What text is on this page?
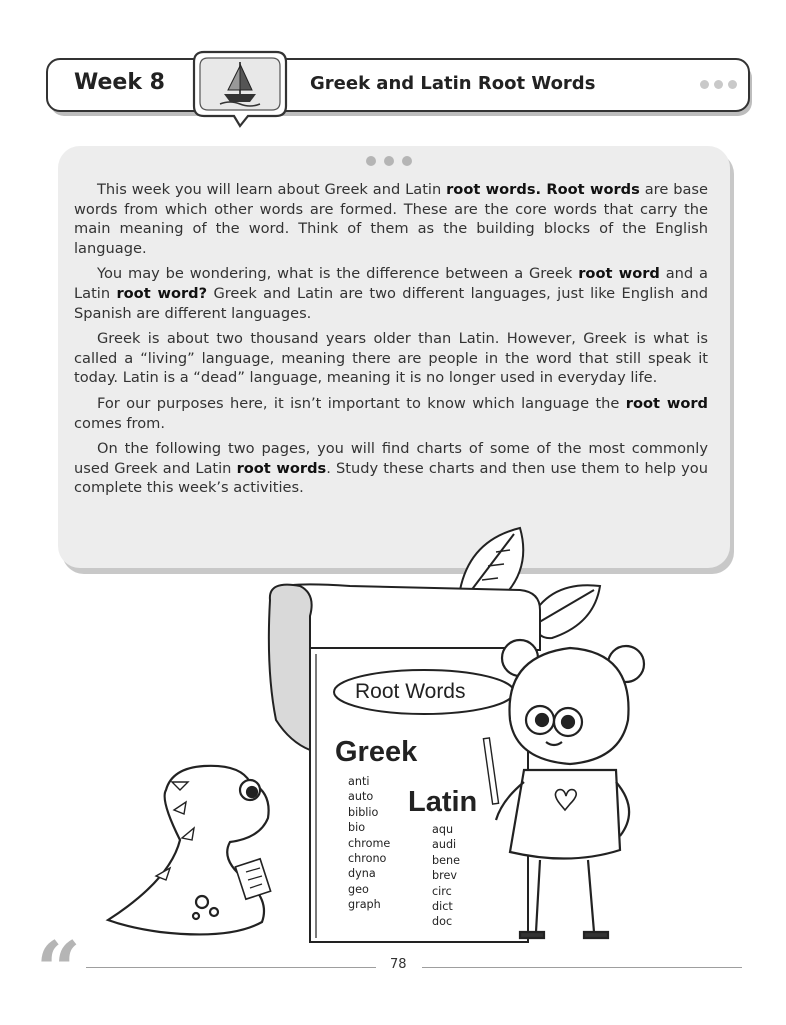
Week 8	Greek and Latin Root Words

This week you will learn about Greek and Latin root words. Root words are base words from which other words are formed. These are the core words that carry the main meaning of the word. Think of them as the building blocks of the English language.

You may be wondering, what is the difference between a Greek root word and a Latin root word? Greek and Latin are two different languages, just like English and Spanish are different languages.

Greek is about two thousand years older than Latin. However, Greek is what is called a “living” language, meaning there are people in the word that still speak it today. Latin is a “dead” language, meaning it is no longer used in everyday life.

For our purposes here, it isn’t important to know which language the root word comes from.

On the following two pages, you will find charts of some of the most commonly used Greek and Latin root words. Study these charts and then use them to help you complete this week’s activities.

Root Words
Greek
Latin
anti
auto
biblio
bio
chrome
chrono
dyna
geo
graph
aqu
audi
bene
brev
circ
dict
doc
“	78
